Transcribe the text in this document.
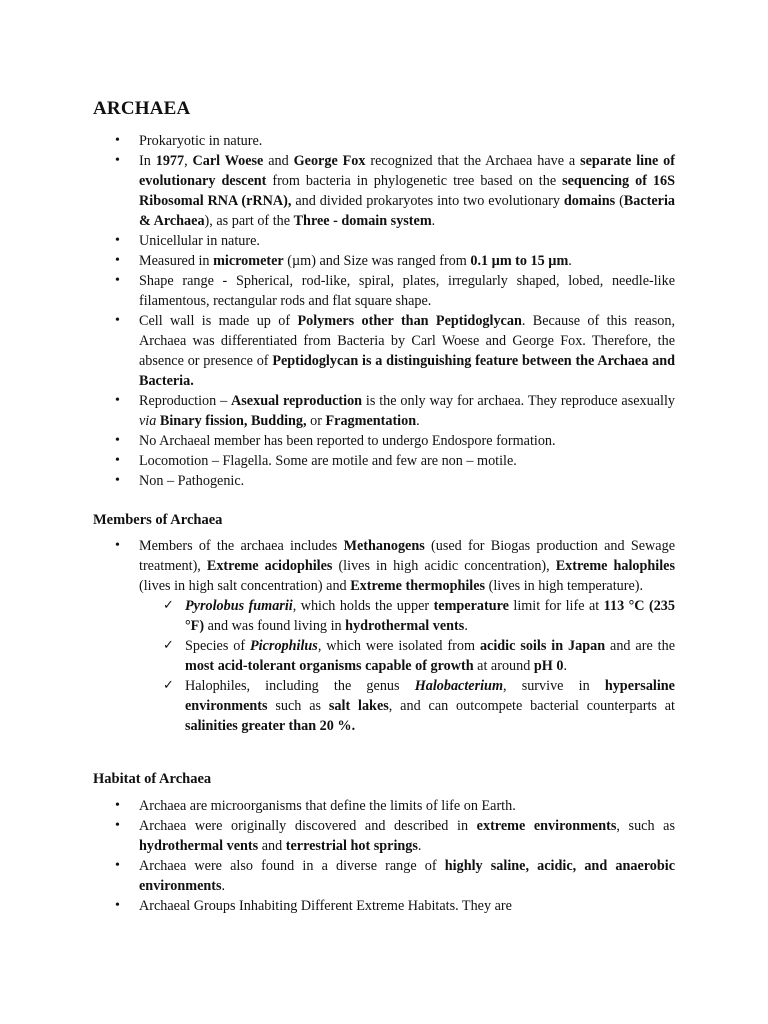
ARCHAEA
• Prokaryotic in nature.
• In 1977, Carl Woese and George Fox recognized that the Archaea have a separate line of evolutionary descent from bacteria in phylogenetic tree based on the sequencing of 16S Ribosomal RNA (rRNA), and divided prokaryotes into two evolutionary domains (Bacteria & Archaea), as part of the Three - domain system.
• Unicellular in nature.
• Measured in micrometer (µm) and Size was ranged from 0.1 µm to 15 µm.
• Shape range - Spherical, rod-like, spiral, plates, irregularly shaped, lobed, needle-like filamentous, rectangular rods and flat square shape.
• Cell wall is made up of Polymers other than Peptidoglycan. Because of this reason, Archaea was differentiated from Bacteria by Carl Woese and George Fox. Therefore, the absence or presence of Peptidoglycan is a distinguishing feature between the Archaea and Bacteria.
• Reproduction – Asexual reproduction is the only way for archaea. They reproduce asexually via Binary fission, Budding, or Fragmentation.
• No Archaeal member has been reported to undergo Endospore formation.
• Locomotion – Flagella. Some are motile and few are non – motile.
• Non – Pathogenic.
Members of Archaea
• Members of the archaea includes Methanogens (used for Biogas production and Sewage treatment), Extreme acidophiles (lives in high acidic concentration), Extreme halophiles (lives in high salt concentration) and Extreme thermophiles (lives in high temperature).
✓ Pyrolobus fumarii, which holds the upper temperature limit for life at 113 °C (235 °F) and was found living in hydrothermal vents.
✓ Species of Picrophilus, which were isolated from acidic soils in Japan and are the most acid-tolerant organisms capable of growth at around pH 0.
✓ Halophiles, including the genus Halobacterium, survive in hypersaline environments such as salt lakes, and can outcompete bacterial counterparts at salinities greater than 20 %.
Habitat of Archaea
• Archaea are microorganisms that define the limits of life on Earth.
• Archaea were originally discovered and described in extreme environments, such as hydrothermal vents and terrestrial hot springs.
• Archaea were also found in a diverse range of highly saline, acidic, and anaerobic environments.
• Archaeal Groups Inhabiting Different Extreme Habitats. They are
